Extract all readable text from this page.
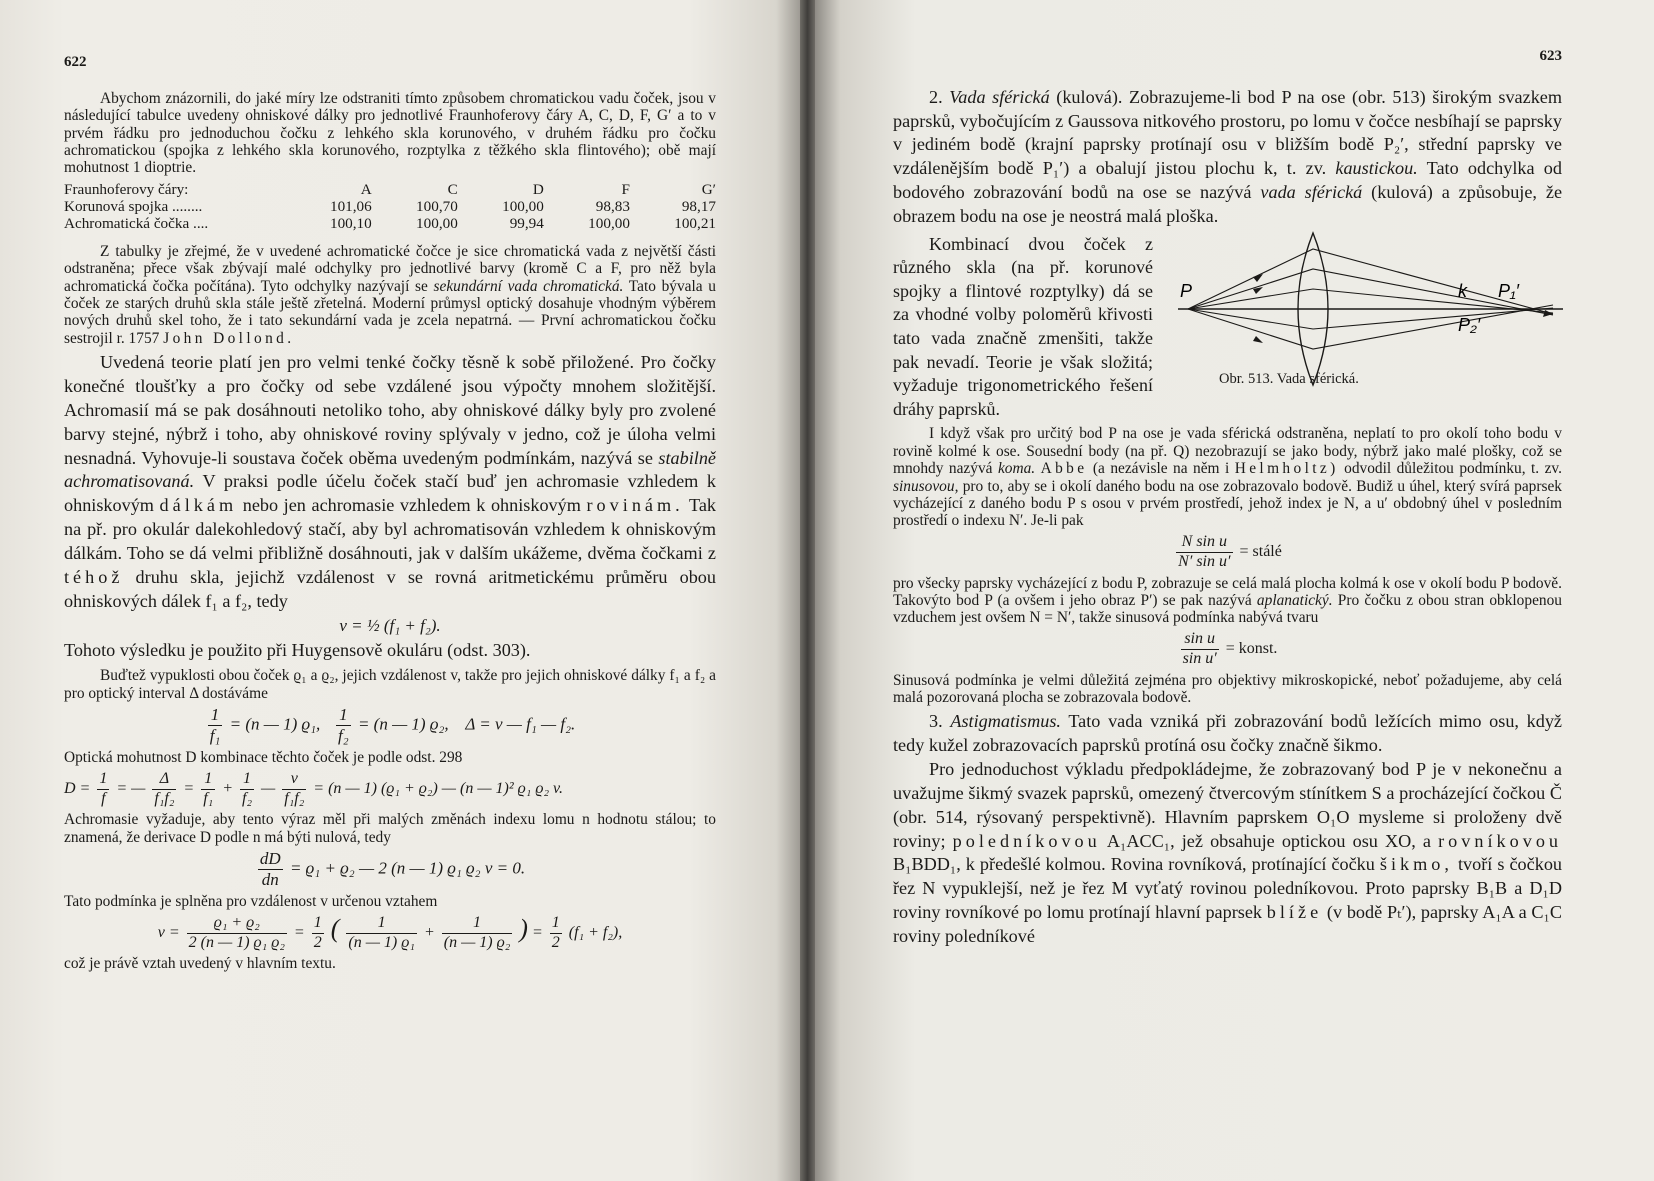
622

Abychom znázornili, do jaké míry lze odstraniti tímto způsobem chromatickou vadu čoček, jsou v následující tabulce uvedeny ohniskové dálky pro jednotlivé Fraunhoferovy čáry A, C, D, F, G′ a to v prvém řádku pro jednoduchou čočku z lehkého skla korunového, v druhém řádku pro čočku achromatickou (spojka z lehkého skla korunového, rozptylka z těžkého skla flintového); obě mají mohutnost 1 dioptrie.

Fraunhoferovy čáry:	A	C	D	F	G′
Korunová spojka ........	101,06	100,70	100,00	98,83	98,17
Achromatická čočka ....	100,10	100,00	99,94	100,00	100,21

Z tabulky je zřejmé, že v uvedené achromatické čočce je sice chromatická vada z největší části odstraněna; přece však zbývají malé odchylky pro jednotlivé barvy (kromě C a F, pro něž byla achromatická čočka počítána). Tyto odchylky nazývají se sekundární vada chromatická. Tato bývala u čoček ze starých druhů skla stále ještě zřetelná. Moderní průmysl optický dosahuje vhodným výběrem nových druhů skel toho, že i tato sekundární vada je zcela nepatrná. — První achromatickou čočku sestrojil r. 1757 John Dollond.

Uvedená teorie platí jen pro velmi tenké čočky těsně k sobě přiložené. Pro čočky konečné tloušťky a pro čočky od sebe vzdálené jsou výpočty mnohem složitější. Achromasií má se pak dosáhnouti netoliko toho, aby ohniskové dálky byly pro zvolené barvy stejné, nýbrž i toho, aby ohniskové roviny splývaly v jedno, což je úloha velmi nesnadná. Vyhovuje-li soustava čoček oběma uvedeným podmínkám, nazývá se stabilně achromatisovaná. V praksi podle účelu čoček stačí buď jen achromasie vzhledem k ohniskovým dálkám nebo jen achromasie vzhledem k ohniskovým rovinám. Tak na př. pro okulár dalekohledový stačí, aby byl achromatisován vzhledem k ohniskovým dálkám. Toho se dá velmi přibližně dosáhnouti, jak v dalším ukážeme, dvěma čočkami z téhož druhu skla, jejichž vzdálenost v se rovná aritmetickému průměru obou ohniskových dálek f₁ a f₂, tedy

v = ½ (f₁ + f₂).

Tohoto výsledku je použito při Huygensově okuláru (odst. 303).

Buďtež vypuklosti obou čoček ϱ₁ a ϱ₂, jejich vzdálenost v, takže pro jejich ohniskové dálky f₁ a f₂ a pro optický interval Δ dostáváme

$\frac{1}{\text{f₁}} = (n$ — 1) ϱ₁, $\frac{1}{\text{f₂}} = (n$ — 1) ϱ₂, Δ = v — f₁ — f₂.

Optická mohutnost D kombinace těchto čoček je podle odst. 298

$D = \frac{1}{f}$ = — $\frac{\Delta}{\text{f₁f₂}} = \frac{1}{\text{f₁}} + \frac{1}{\text{f₂}}$ — $\frac{v}{\text{f₁f₂}} = (n$ — 1) (ϱ₁ + ϱ₂) — (n — 1)² ϱ₁ ϱ₂ v.

Achromasie vyžaduje, aby tento výraz měl při malých změnách indexu lomu n hodnotu stálou; to znamená, že derivace D podle n má býti nulová, tedy

$\frac{dD}{dn} = ϱ_1 + ϱ_2$ — 2 (n — 1) ϱ₁ ϱ₂ v = 0.

Tato podmínka je splněna pro vzdálenost v určenou vztahem

$v = \frac{\text{ϱ₁ + ϱ₂}}{\text{2 (n — 1) ϱ₁ ϱ₂}} = \frac{1}{2}$ ( $\frac{1}{\text{(n — 1) ϱ₁}} + \frac{1}{\text{(n — 1) ϱ₂}}$ ) = $\frac{1}{2} (f_1 + f_2)$,

což je právě vztah uvedený v hlavním textu.

623

2. Vada sférická (kulová). Zobrazujeme-li bod P na ose (obr. 513) širokým svazkem paprsků, vybočujícím z Gaussova nitkového prostoru, po lomu v čočce nesbíhají se paprsky v jediném bodě (krajní paprsky protínají osu v bližším bodě P₂′, střední paprsky ve vzdálenějším bodě P₁′) a obalují jistou plochu k, t. zv. kaustickou. Tato odchylka od bodového zobrazování bodů na ose se nazývá vada sférická (kulová) a způsobuje, že obrazem bodu na ose je neostrá malá ploška.

Kombinací dvou čoček z různého skla (na př. korunové spojky a flintové rozptylky) dá se za vhodné volby poloměrů křivosti tato vada značně zmenšiti, takže pak nevadí. Teorie je však složitá; vyžaduje trigonometrického řešení dráhy paprsků.

P	k P₁′
P₂′
Obr. 513. Vada sférická.

I když však pro určitý bod P na ose je vada sférická odstraněna, neplatí to pro okolí toho bodu v rovině kolmé k ose. Sousední body (na př. Q) nezobrazují se jako body, nýbrž jako malé plošky, což se mnohdy nazývá koma. Abbe (a nezávisle na něm i Helmholtz) odvodil důležitou podmínku, t. zv. sinusovou, pro to, aby se i okolí daného bodu na ose zobrazovalo bodově. Budiž u úhel, který svírá paprsek vycházející z daného bodu P s osou v prvém prostředí, jehož index je N, a u′ obdobný úhel v posledním prostředí o indexu N′. Je-li pak

$\frac{\text{N sin u}}{\text{N′ sin u′}}$ = stálé

pro všecky paprsky vycházející z bodu P, zobrazuje se celá malá plocha kolmá k ose v okolí bodu P bodově. Takovýto bod P (a ovšem i jeho obraz P′) se pak nazývá aplanatický. Pro čočku z obou stran obklopenou vzduchem jest ovšem N = N′, takže sinusová podmínka nabývá tvaru

$\frac{\text{sin u}}{\text{sin u′}}$ = konst.

Sinusová podmínka je velmi důležitá zejména pro objektivy mikroskopické, neboť požadujeme, aby celá malá pozorovaná plocha se zobrazovala bodově.

3. Astigmatismus. Tato vada vzniká při zobrazování bodů ležících mimo osu, když tedy kužel zobrazovacích paprsků protíná osu čočky značně šikmo.

Pro jednoduchost výkladu předpokládejme, že zobrazovaný bod P je v nekonečnu a uvažujme šikmý svazek paprsků, omezený čtvercovým stínítkem S a procházející čočkou Č (obr. 514, rýsovaný perspektivně). Hlavním paprskem O₁O mysleme si proloženy dvě roviny; poledníkovou A₁ACC₁, jež obsahuje optickou osu XO, a rovníkovou B₁BDD₁, k předešlé kolmou. Rovina rovníková, protínající čočku šikmo, tvoří s čočkou řez N vypuklejší, než je řez M vyťatý rovinou poledníkovou. Proto paprsky B₁B a D₁D roviny rovníkové po lomu protínají hlavní paprsek blíže (v bodě Pₜ′), paprsky A₁A a C₁C roviny poledníkové
